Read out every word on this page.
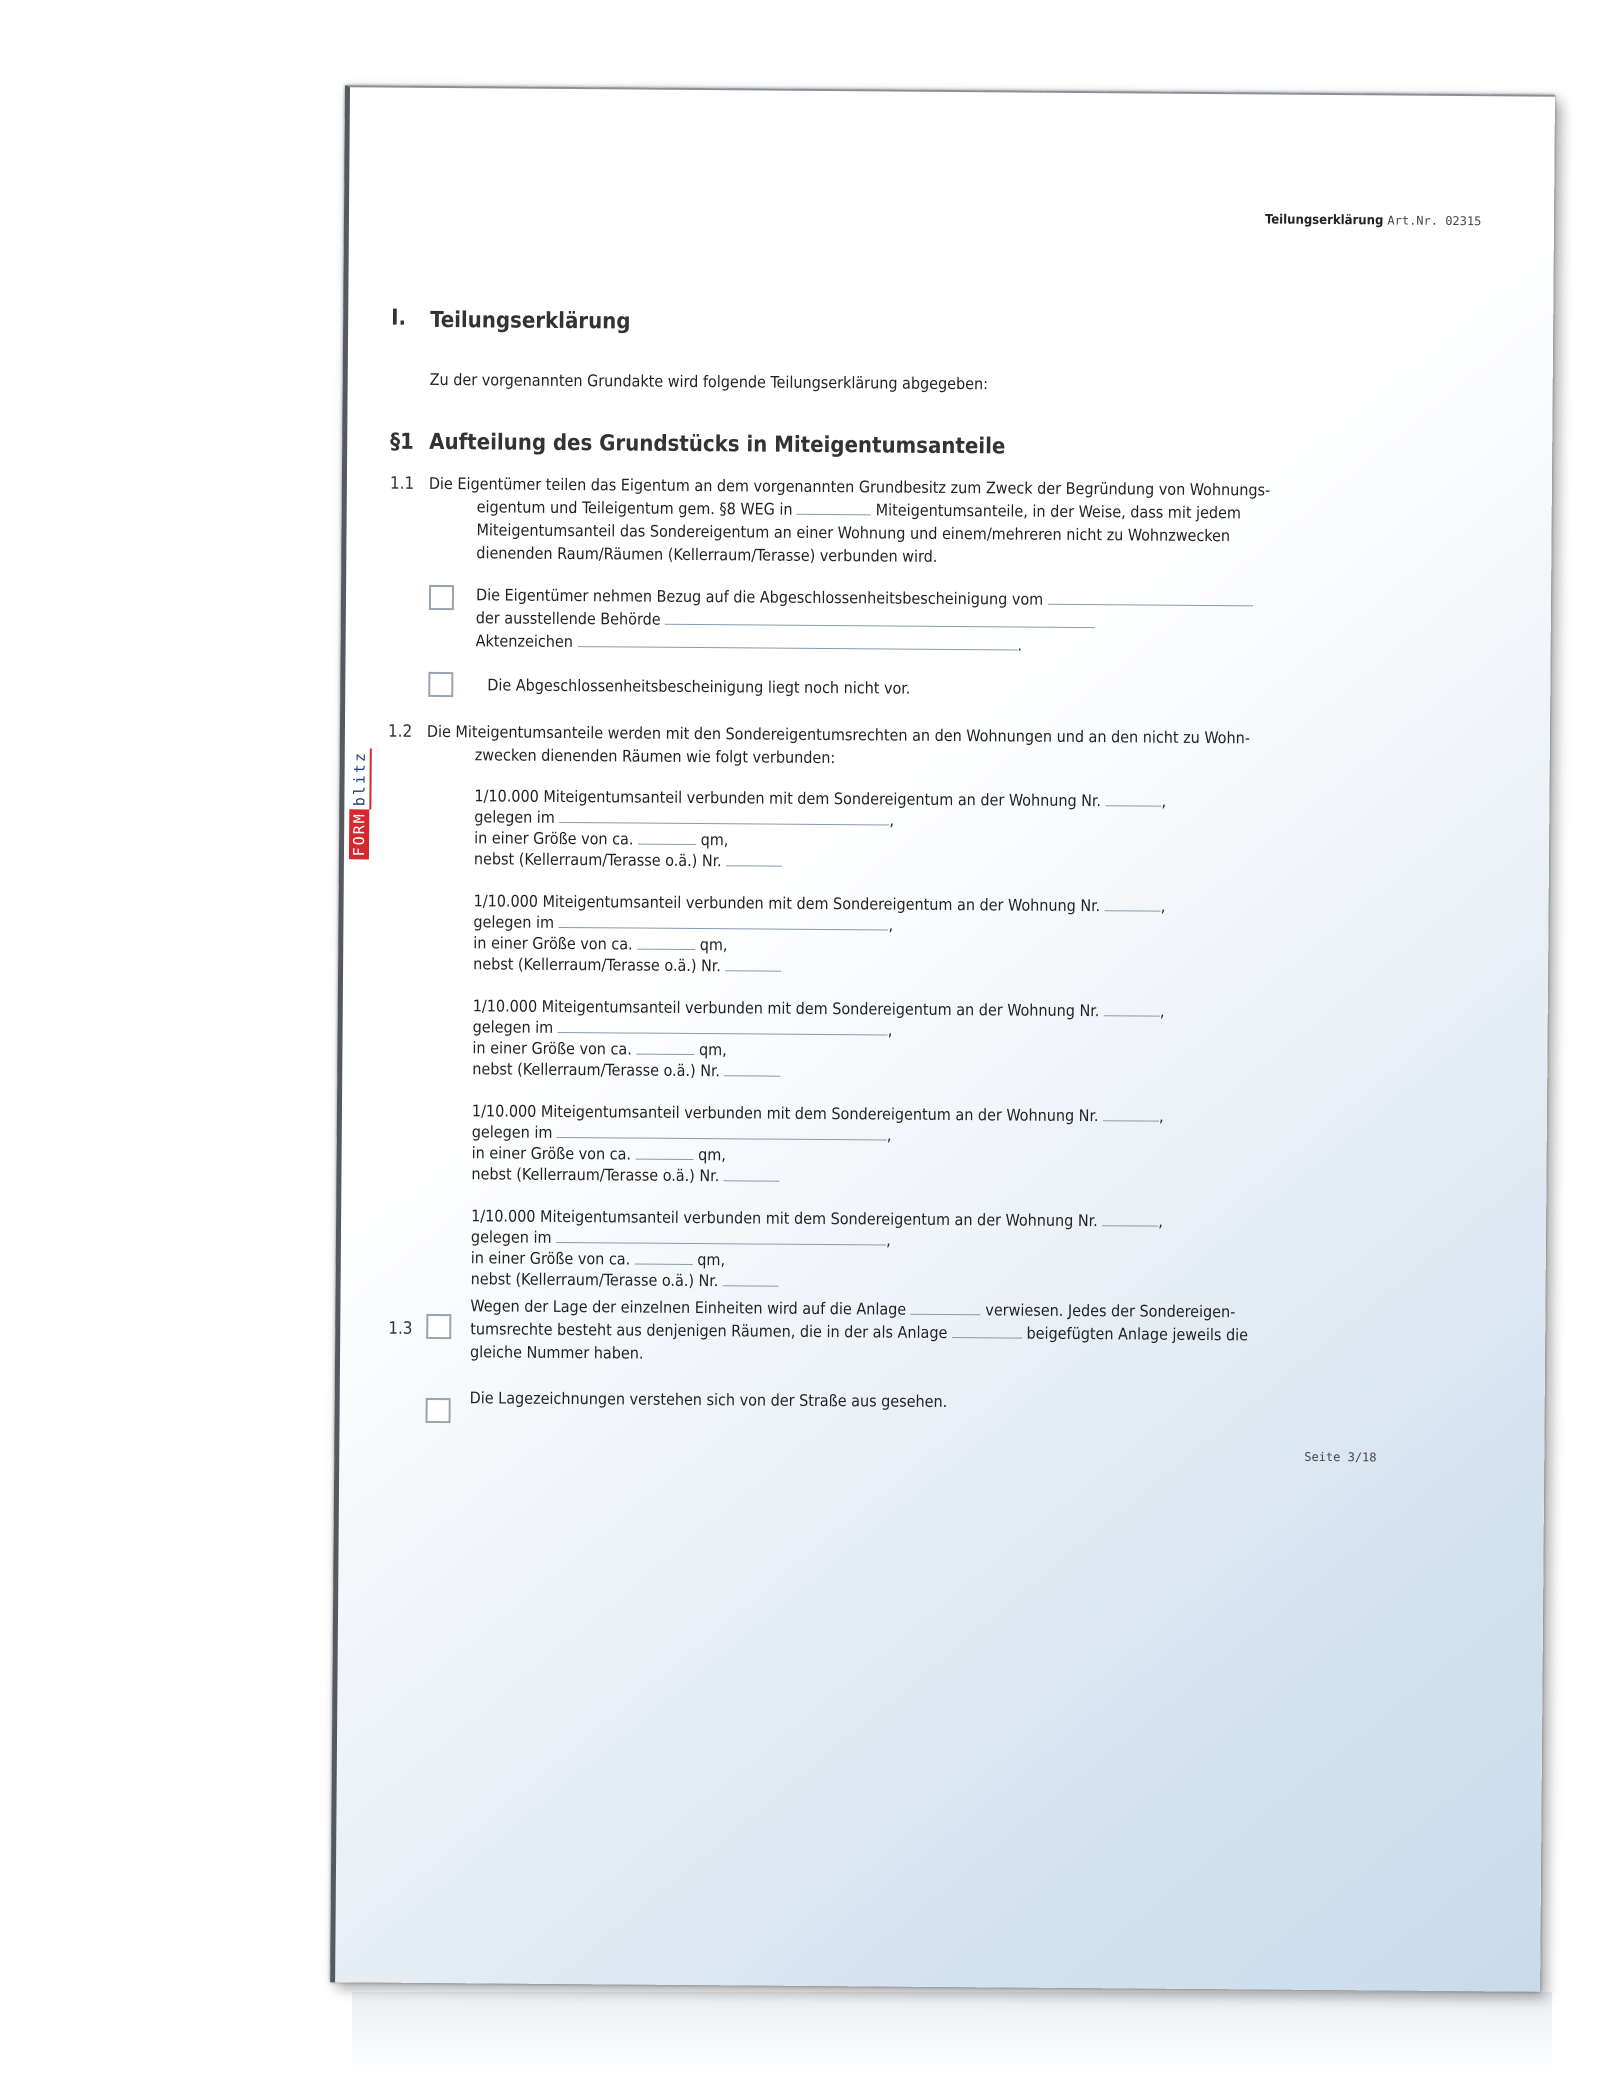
Teilungserklärung Art.Nr. 02315
FORMblitz
I. Teilungserklärung
Zu der vorgenannten Grundakte wird folgende Teilungserklärung abgegeben:
§1 Aufteilung des Grundstücks in Miteigentumsanteile
1.1 Die Eigentümer teilen das Eigentum an dem vorgenannten Grundbesitz zum Zweck der Begründung von Wohnungs-
eigentum und Teileigentum gem. §8 WEG in	Miteigentumsanteile, in der Weise, dass mit jedem
Miteigentumsanteil das Sondereigentum an einer Wohnung und einem/mehreren nicht zu Wohnzwecken
dienenden Raum/Räumen (Kellerraum/Terasse) verbunden wird.
Die Eigentümer nehmen Bezug auf die Abgeschlossenheitsbescheinigung vom
der ausstellende Behörde
Aktenzeichen	.
Die Abgeschlossenheitsbescheinigung liegt noch nicht vor.
1.2 Die Miteigentumsanteile werden mit den Sondereigentumsrechten an den Wohnungen und an den nicht zu Wohn-
zwecken dienenden Räumen wie folgt verbunden:
1/10.000 Miteigentumsanteil verbunden mit dem Sondereigentum an der Wohnung Nr.	,
gelegen im	,
in einer Größe von ca.	qm,
nebst (Kellerraum/Terasse o.ä.) Nr.
1/10.000 Miteigentumsanteil verbunden mit dem Sondereigentum an der Wohnung Nr.	,
gelegen im	,
in einer Größe von ca.	qm,
nebst (Kellerraum/Terasse o.ä.) Nr.
1/10.000 Miteigentumsanteil verbunden mit dem Sondereigentum an der Wohnung Nr.	,
gelegen im	,
in einer Größe von ca.	qm,
nebst (Kellerraum/Terasse o.ä.) Nr.
1/10.000 Miteigentumsanteil verbunden mit dem Sondereigentum an der Wohnung Nr.	,
gelegen im	,
in einer Größe von ca.	qm,
nebst (Kellerraum/Terasse o.ä.) Nr.
1/10.000 Miteigentumsanteil verbunden mit dem Sondereigentum an der Wohnung Nr.	,
gelegen im	,
in einer Größe von ca.	qm,
nebst (Kellerraum/Terasse o.ä.) Nr.
1.3
Wegen der Lage der einzelnen Einheiten wird auf die Anlage	verwiesen. Jedes der Sondereigen-
tumsrechte besteht aus denjenigen Räumen, die in der als Anlage	beigefügten Anlage jeweils die
gleiche Nummer haben.
Die Lagezeichnungen verstehen sich von der Straße aus gesehen.
Seite 3/18
